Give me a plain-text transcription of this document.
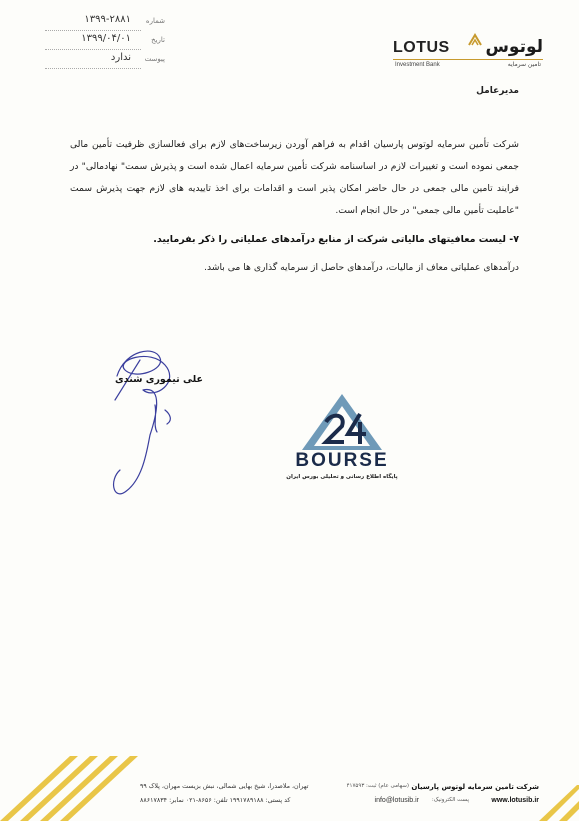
شماره
۱۳۹۹-۲۸۸۱
تاریخ
۱۳۹۹/۰۴/۰۱
پیوست
ندارد
LOTUS لوتوس
Investment Bank	تامین سرمایه
مدیرعامل
شرکت تأمین سرمایه لوتوس پارسیان اقدام به فراهم آوردن زیرساخت‌های لازم برای فعالسازی ظرفیت تأمین مالی جمعی نموده است و تغییرات لازم در اساسنامه شرکت تأمین سرمایه اعمال شده است و پذیرش سمت" نهادمالی" در فرایند تامین مالی جمعی در حال حاضر امکان پذیر است و اقدامات برای اخذ تاییدیه های لازم جهت پذیرش سمت "عاملیت تأمین مالی جمعی" در حال انجام است.
۷- لیست معافیتهای مالیاتی شرکت از منابع درآمدهای عملیاتی را ذکر بفرمایید.
درآمدهای عملیاتی معاف از مالیات، درآمدهای حاصل از سرمایه گذاری ها می باشد.
علی تیموری شندی
BOURSE
پایگاه اطلاع رسانی و تحلیلی بورس ایران
شرکت تامین سرمایه لوتوس پارسیان
(سهامی عام) ثبت: ۴۱۷۵۹۳
تهران، ملاصدرا، شیخ بهایی شمالی، نبش بزیست مهران، پلاک ۹۹
www.lotusib.ir
پست الکترونیک:
info@lotusib.ir
کد پستی: ۱۹۹۱۷۸۹۱۸۸ تلفن: ۸۶۵۶-۰۲۱ نمابر: ۸۸۶۱۷۸۳۴
